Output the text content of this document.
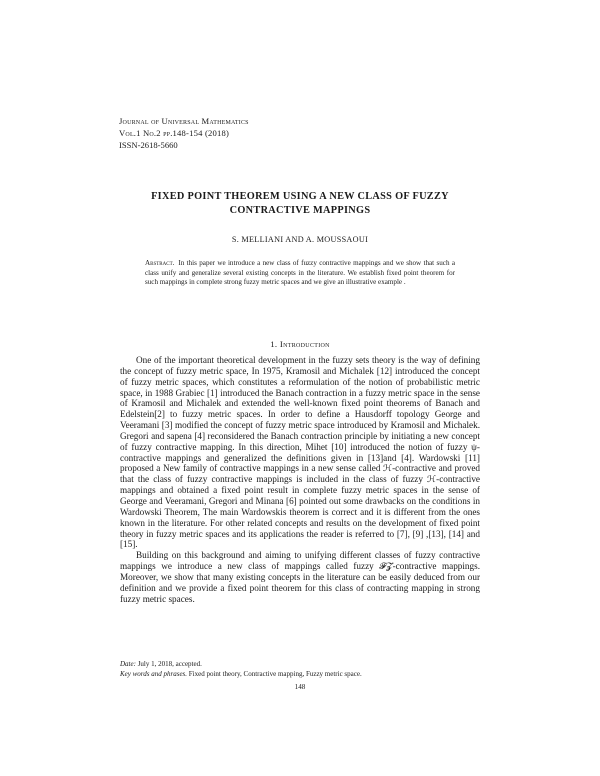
Journal of Universal Mathematics
Vol.1 No.2 pp.148-154 (2018)
ISSN-2618-5660
FIXED POINT THEOREM USING A NEW CLASS OF FUZZY
CONTRACTIVE MAPPINGS
S. MELLIANI AND A. MOUSSAOUI
Abstract. In this paper we introduce a new class of fuzzy contractive mappings and we show that such a class unify and generalize several existing concepts in the literature. We establish fixed point theorem for such mappings in complete strong fuzzy metric spaces and we give an illustrative example .
1. Introduction

One of the important theoretical development in the fuzzy sets theory is the way of defining the concept of fuzzy metric space, In 1975, Kramosil and Michalek [12] introduced the concept of fuzzy metric spaces, which constitutes a reformulation of the notion of probabilistic metric space, in 1988 Grabiec [1] introduced the Banach contraction in a fuzzy metric space in the sense of Kramosil and Michalek and extended the well-known fixed point theorems of Banach and Edelstein[2] to fuzzy metric spaces. In order to define a Hausdorff topology George and Veeramani [3] modified the concept of fuzzy metric space introduced by Kramosil and Michalek. Gregori and sapena [4] reconsidered the Banach contraction principle by initiating a new concept of fuzzy contractive mapping. In this direction, Mihet [10] introduced the notion of fuzzy ψ-contractive mappings and generalized the definitions given in [13]and [4]. Wardowski [11] proposed a New family of contractive mappings in a new sense called ℋ-contractive and proved that the class of fuzzy contractive mappings is included in the class of fuzzy ℋ-contractive mappings and obtained a fixed point result in complete fuzzy metric spaces in the sense of George and Veeramani, Gregori and Minana [6] pointed out some drawbacks on the conditions in Wardowski Theorem, The main Wardowskis theorem is correct and it is different from the ones known in the literature. For other related concepts and results on the development of fixed point theory in fuzzy metric spaces and its applications the reader is referred to [7], [9] ,[13], [14] and [15].

Building on this background and aiming to unifying different classes of fuzzy contractive mappings we introduce a new class of mappings called fuzzy 𝓕𝓩-contractive mappings. Moreover, we show that many existing concepts in the literature can be easily deduced from our definition and we provide a fixed point theorem for this class of contracting mapping in strong fuzzy metric spaces.

Date: July 1, 2018, accepted.
Key words and phrases. Fixed point theory, Contractive mapping, Fuzzy metric space.
148
